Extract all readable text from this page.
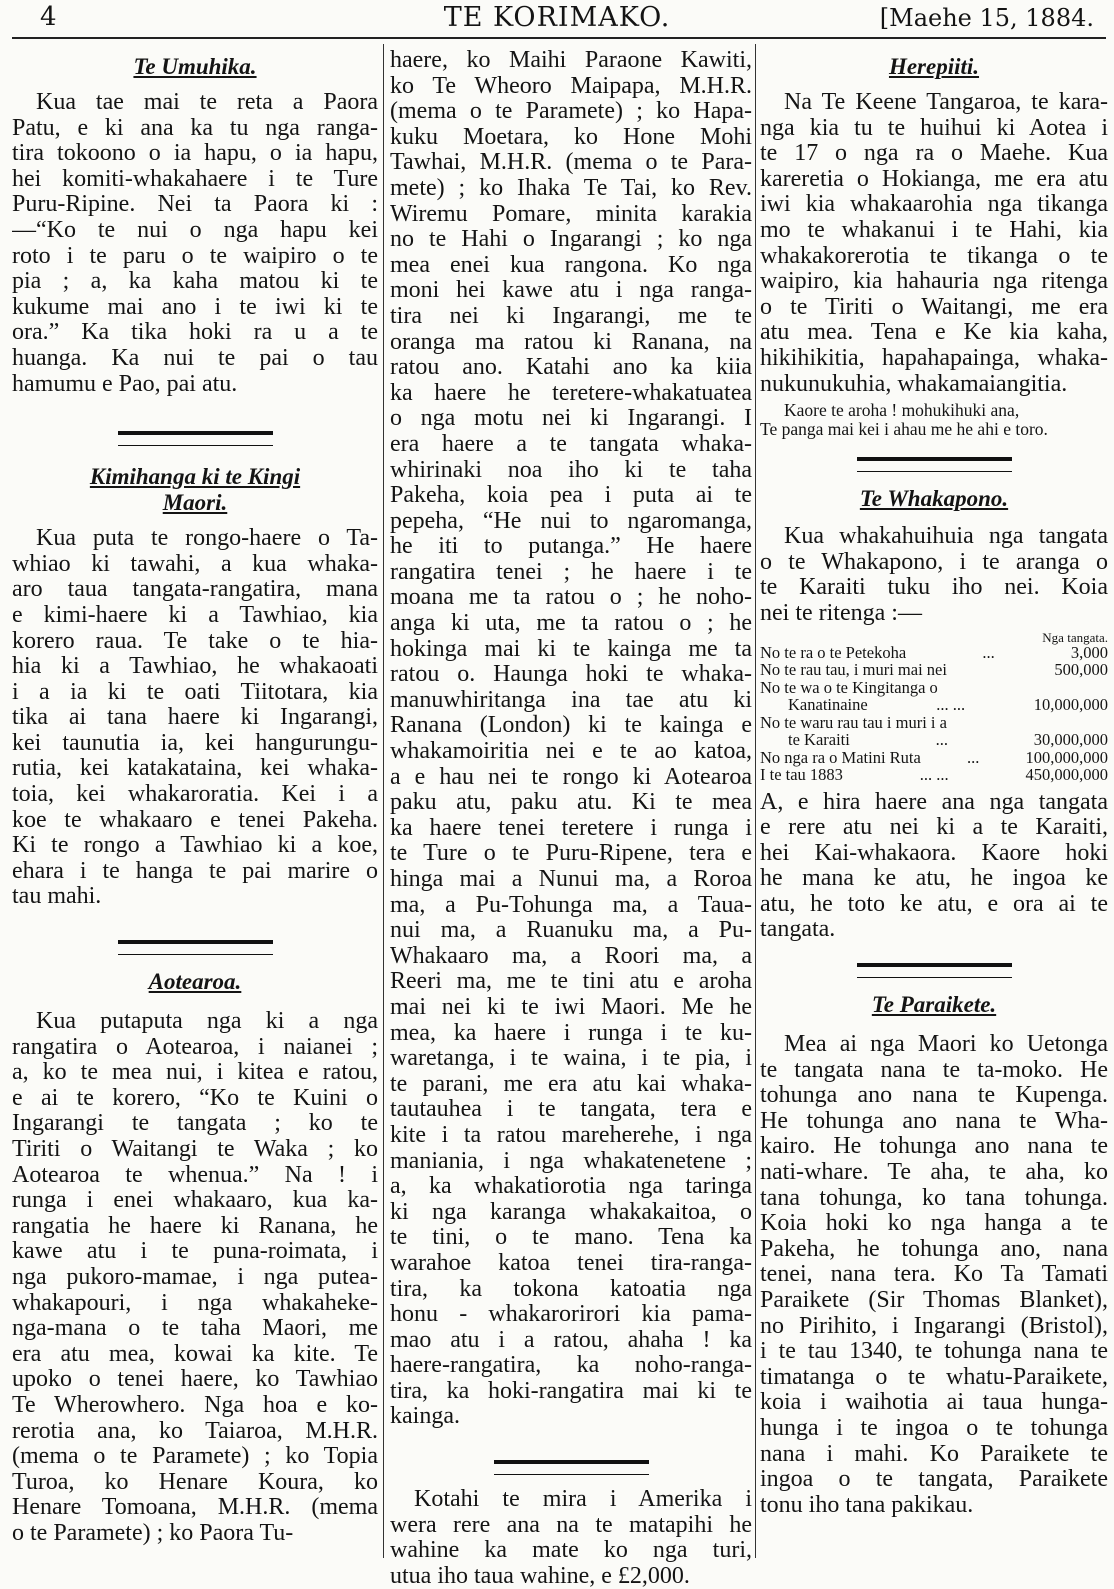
4	TE KORIMAKO.	[Maehe 15, 1884.
Te Umuhika.
Kua tae mai te reta a Paora
Patu, e ki ana ka tu nga ranga-
tira tokoono o ia hapu, o ia hapu,
hei komiti-whakahaere i te Ture
Puru-Ripine. Nei ta Paora ki :
—“Ko te nui o nga hapu kei
roto i te paru o te waipiro o te
pia ; a, ka kaha matou ki te
kukume mai ano i te iwi ki te
ora.” Ka tika hoki ra u a te
huanga. Ka nui te pai o tau
hamumu e Pao, pai atu.
Kimihanga ki te Kingi
Maori.
Kua puta te rongo-haere o Ta-
whiao ki tawahi, a kua whaka-
aro taua tangata-rangatira, mana
e kimi-haere ki a Tawhiao, kia
korero raua. Te take o te hia-
hia ki a Tawhiao, he whakaoati
i a ia ki te oati Tiitotara, kia
tika ai tana haere ki Ingarangi,
kei taunutia ia, kei hangurungu-
rutia, kei katakataina, kei whaka-
toia, kei whakaroratia. Kei i a
koe te whakaaro e tenei Pakeha.
Ki te rongo a Tawhiao ki a koe,
ehara i te hanga te pai marire o
tau mahi.
Aotearoa.
Kua putaputa nga ki a nga
rangatira o Aotearoa, i naianei ;
a, ko te mea nui, i kitea e ratou,
e ai te korero, “Ko te Kuini o
Ingarangi te tangata ; ko te
Tiriti o Waitangi te Waka ; ko
Aotearoa te whenua.” Na ! i
runga i enei whakaaro, kua ka-
rangatia he haere ki Ranana, he
kawe atu i te puna-roimata, i
nga pukoro-mamae, i nga putea-
whakapouri, i nga whakaheke-
nga-mana o te taha Maori, me
era atu mea, kowai ka kite. Te
upoko o tenei haere, ko Tawhiao
Te Wherowhero. Nga hoa e ko-
rerotia ana, ko Taiaroa, M.H.R.
(mema o te Paramete) ; ko Topia
Turoa, ko Henare Koura, ko
Henare Tomoana, M.H.R. (mema
o te Paramete) ; ko Paora Tu-
haere, ko Maihi Paraone Kawiti,
ko Te Wheoro Maipapa, M.H.R.
(mema o te Paramete) ; ko Hapa-
kuku Moetara, ko Hone Mohi
Tawhai, M.H.R. (mema o te Para-
mete) ; ko Ihaka Te Tai, ko Rev.
Wiremu Pomare, minita karakia
no te Hahi o Ingarangi ; ko nga
mea enei kua rangona. Ko nga
moni hei kawe atu i nga ranga-
tira nei ki Ingarangi, me te
oranga ma ratou ki Ranana, na
ratou ano. Katahi ano ka kiia
ka haere he teretere-whakatuatea
o nga motu nei ki Ingarangi. I
era haere a te tangata whaka-
whirinaki noa iho ki te taha
Pakeha, koia pea i puta ai te
pepeha, “He nui to ngaromanga,
he iti to putanga.” He haere
rangatira tenei ; he haere i te
moana me ta ratou o ; he noho-
anga ki uta, me ta ratou o ; he
hokinga mai ki te kainga me ta
ratou o. Haunga hoki te whaka-
manuwhiritanga ina tae atu ki
Ranana (London) ki te kainga e
whakamoiritia nei e te ao katoa,
a e hau nei te rongo ki Aotearoa
paku atu, paku atu. Ki te mea
ka haere tenei teretere i runga i
te Ture o te Puru-Ripene, tera e
hinga mai a Nunui ma, a Roroa
ma, a Pu-Tohunga ma, a Taua-
nui ma, a Ruanuku ma, a Pu-
Whakaaro ma, a Roori ma, a
Reeri ma, me te tini atu e aroha
mai nei ki te iwi Maori. Me he
mea, ka haere i runga i te ku-
waretanga, i te waina, i te pia, i
te parani, me era atu kai whaka-
tautauhea i te tangata, tera e
kite i ta ratou mareherehe, i nga
maniania, i nga whakatenetene ;
a, ka whakatiorotia nga taringa
ki nga karanga whakakaitoa, o
te tini, o te mano. Tena ka
warahoe katoa tenei tira-ranga-
tira, ka tokona katoatia nga
honu - whakarorirori kia pama-
mao atu i a ratou, ahaha ! ka
haere-rangatira, ka noho-ranga-
tira, ka hoki-rangatira mai ki te
kainga.
Kotahi te mira i Amerika i
wera rere ana na te matapihi he
wahine ka mate ko nga turi,
utua iho taua wahine, e £2,000.
Herepiiti.
Na Te Keene Tangaroa, te kara-
nga kia tu te huihui ki Aotea i
te 17 o nga ra o Maehe. Kua
kareretia o Hokianga, me era atu
iwi kia whakaarohia nga tikanga
mo te whakanui i te Hahi, kia
whakakorerotia te tikanga o te
waipiro, kia hahauria nga ritenga
o te Tiriti o Waitangi, me era
atu mea. Tena e Ke kia kaha,
hikihikitia, hapahapainga, whaka-
nukunukuhia, whakamaiangitia.
Kaore te aroha ! mohukihuki ana,
Te panga mai kei i ahau me he ahi e toro.
Te Whakapono.
Kua whakahuihuia nga tangata
o te Whakapono, i te aranga o
te Karaiti tuku iho nei. Koia
nei te ritenga :—
Nga tangata.
No te ra o te Petekoha	...	3,000
No te rau tau, i muri mai nei	500,000
No te wa o te Kingitanga o
Kanatinaine	... ...	10,000,000
No te waru rau tau i muri i a
te Karaiti	...	30,000,000
No nga ra o Matini Ruta	...	100,000,000
I te tau 1883	... ...	450,000,000
A, e hira haere ana nga tangata
e rere atu nei ki a te Karaiti,
hei Kai-whakaora. Kaore hoki
he mana ke atu, he ingoa ke
atu, he toto ke atu, e ora ai te
tangata.
Te Paraikete.
Mea ai nga Maori ko Uetonga
te tangata nana te ta-moko. He
tohunga ano nana te Kupenga.
He tohunga ano nana te Wha-
kairo. He tohunga ano nana te
nati-whare. Te aha, te aha, ko
tana tohunga, ko tana tohunga.
Koia hoki ko nga hanga a te
Pakeha, he tohunga ano, nana
tenei, nana tera. Ko Ta Tamati
Paraikete (Sir Thomas Blanket),
no Pirihito, i Ingarangi (Bristol),
i te tau 1340, te tohunga nana te
timatanga o te whatu-Paraikete,
koia i waihotia ai taua hunga-
hunga i te ingoa o te tohunga
nana i mahi. Ko Paraikete te
ingoa o te tangata, Paraikete
tonu iho tana pakikau.
